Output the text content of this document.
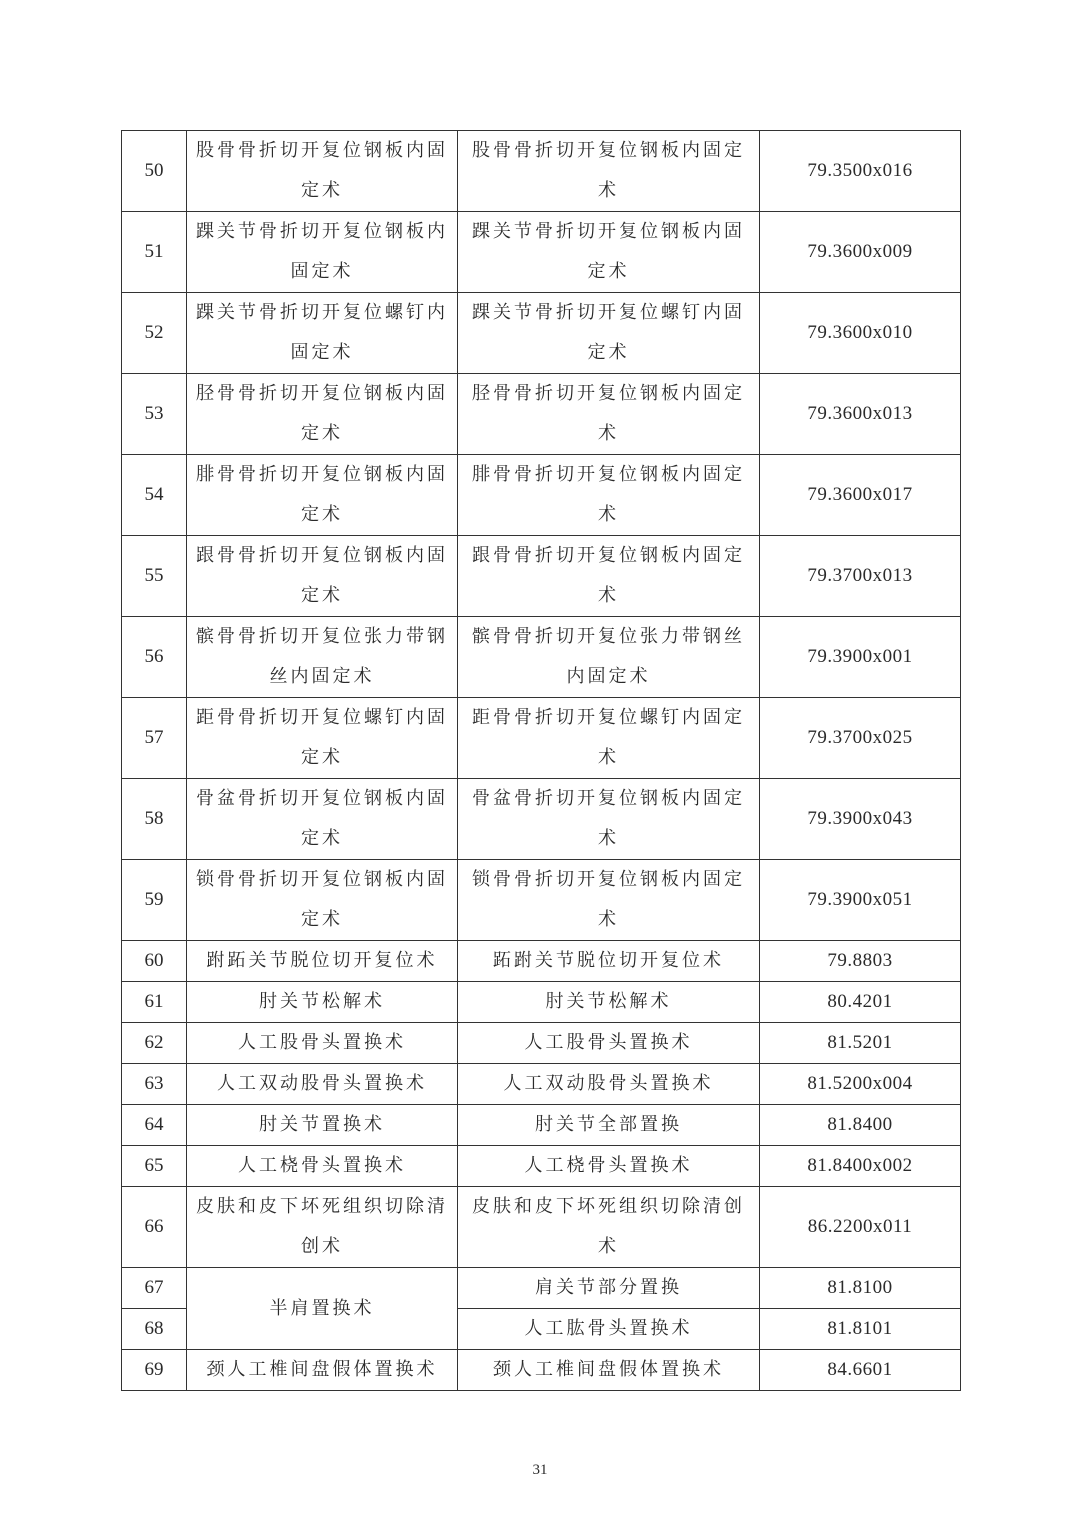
50	股骨骨折切开复位钢板内固定术	股骨骨折切开复位钢板内固定术	79.3500x016
51	踝关节骨折切开复位钢板内固定术	踝关节骨折切开复位钢板内固定术	79.3600x009
52	踝关节骨折切开复位螺钉内固定术	踝关节骨折切开复位螺钉内固定术	79.3600x010
53	胫骨骨折切开复位钢板内固定术	胫骨骨折切开复位钢板内固定术	79.3600x013
54	腓骨骨折切开复位钢板内固定术	腓骨骨折切开复位钢板内固定术	79.3600x017
55	跟骨骨折切开复位钢板内固定术	跟骨骨折切开复位钢板内固定术	79.3700x013
56	髌骨骨折切开复位张力带钢丝内固定术	髌骨骨折切开复位张力带钢丝内固定术	79.3900x001
57	距骨骨折切开复位螺钉内固定术	距骨骨折切开复位螺钉内固定术	79.3700x025
58	骨盆骨折切开复位钢板内固定术	骨盆骨折切开复位钢板内固定术	79.3900x043
59	锁骨骨折切开复位钢板内固定术	锁骨骨折切开复位钢板内固定术	79.3900x051
60	跗跖关节脱位切开复位术	跖跗关节脱位切开复位术	79.8803
61	肘关节松解术	肘关节松解术	80.4201
62	人工股骨头置换术	人工股骨头置换术	81.5201
63	人工双动股骨头置换术	人工双动股骨头置换术	81.5200x004
64	肘关节置换术	肘关节全部置换	81.8400
65	人工桡骨头置换术	人工桡骨头置换术	81.8400x002
66	皮肤和皮下坏死组织切除清创术	皮肤和皮下坏死组织切除清创术	86.2200x011
67	半肩置换术	肩关节部分置换	81.8100
68		人工肱骨头置换术	81.8101
69	颈人工椎间盘假体置换术	颈人工椎间盘假体置换术	84.6601
31
